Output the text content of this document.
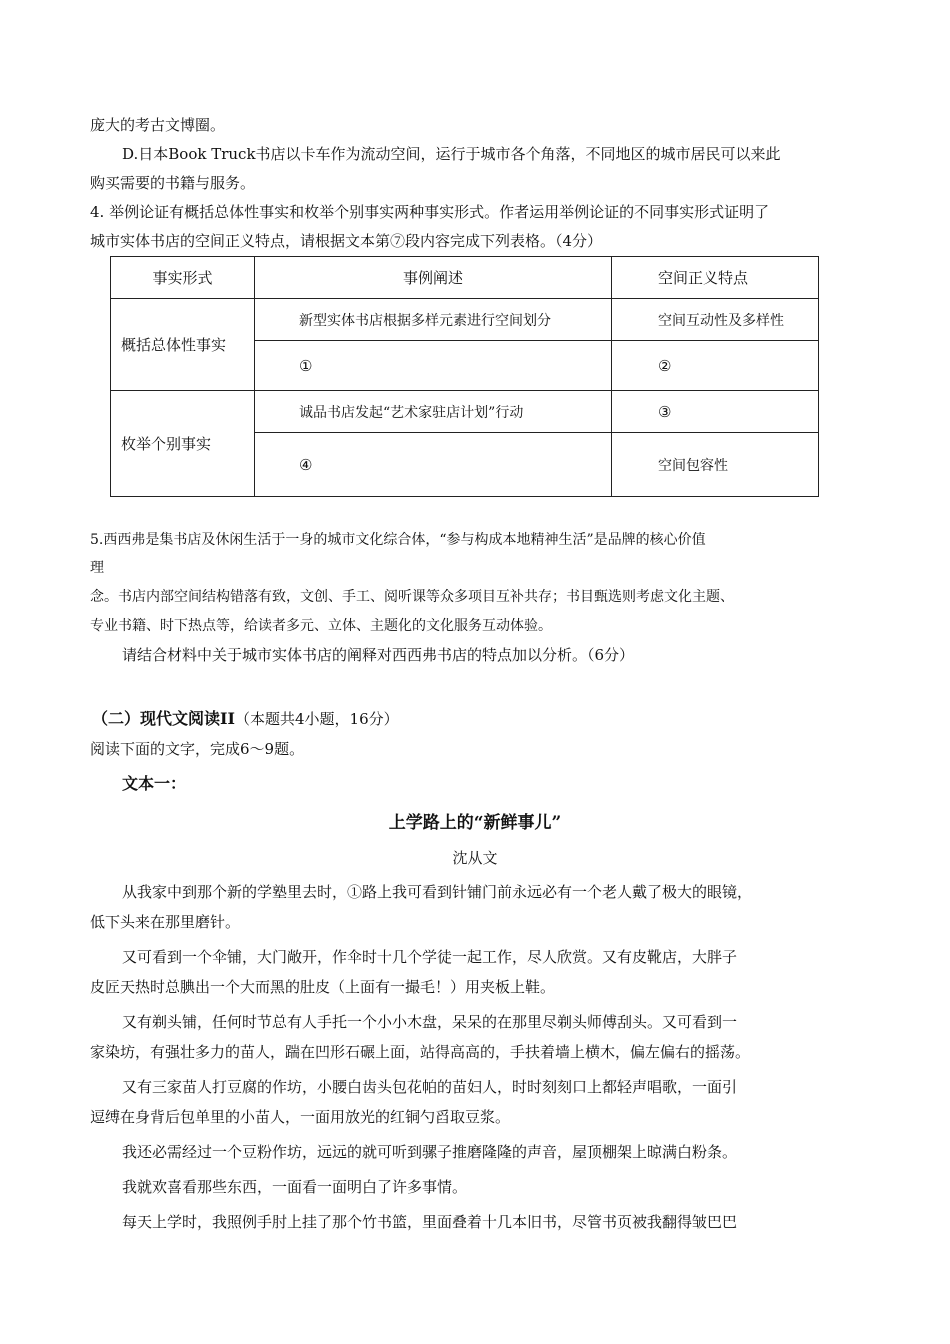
庞大的考古文博圈。
D.日本Book Truck书店以卡车作为流动空间，运行于城市各个角落，不同地区的城市居民可以来此
购买需要的书籍与服务。
4. 举例论证有概括总体性事实和枚举个别事实两种事实形式。作者运用举例论证的不同事实形式证明了
城市实体书店的空间正义特点，请根据文本第⑦段内容完成下列表格。（4分）
事实形式	事例阐述	空间正义特点
概括总体性事实	新型实体书店根据多样元素进行空间划分	空间互动性及多样性
	①	②
枚举个别事实	诚品书店发起“艺术家驻店计划”行动	③
	④	空间包容性
5.西西弗是集书店及休闲生活于一身的城市文化综合体，“参与构成本地精神生活”是品牌的核心价值
理
念。书店内部空间结构错落有致，文创、手工、阅听课等众多项目互补共存；书目甄选则考虑文化主题、
专业书籍、时下热点等，给读者多元、立体、主题化的文化服务互动体验。
请结合材料中关于城市实体书店的阐释对西西弗书店的特点加以分析。（6分）
（二）现代文阅读II（本题共4小题，16分）
阅读下面的文字，完成6～9题。
文本一：
上学路上的“新鲜事儿”
沈从文
从我家中到那个新的学塾里去时，①路上我可看到针铺门前永远必有一个老人戴了极大的眼镜，
低下头来在那里磨针。
又可看到一个伞铺，大门敞开，作伞时十几个学徒一起工作，尽人欣赏。又有皮靴店，大胖子
皮匠天热时总腆出一个大而黑的肚皮（上面有一撮毛！）用夹板上鞋。
又有剃头铺，任何时节总有人手托一个小小木盘，呆呆的在那里尽剃头师傅刮头。又可看到一
家染坊，有强壮多力的苗人，踹在凹形石碾上面，站得高高的，手扶着墙上横木，偏左偏右的摇荡。
又有三家苗人打豆腐的作坊，小腰白齿头包花帕的苗妇人，时时刻刻口上都轻声唱歌，一面引
逗缚在身背后包单里的小苗人，一面用放光的红铜勺舀取豆浆。
我还必需经过一个豆粉作坊，远远的就可听到骡子推磨隆隆的声音，屋顶棚架上晾满白粉条。
我就欢喜看那些东西，一面看一面明白了许多事情。
每天上学时，我照例手肘上挂了那个竹书篮，里面叠着十几本旧书，尽管书页被我翻得皱巴巴
